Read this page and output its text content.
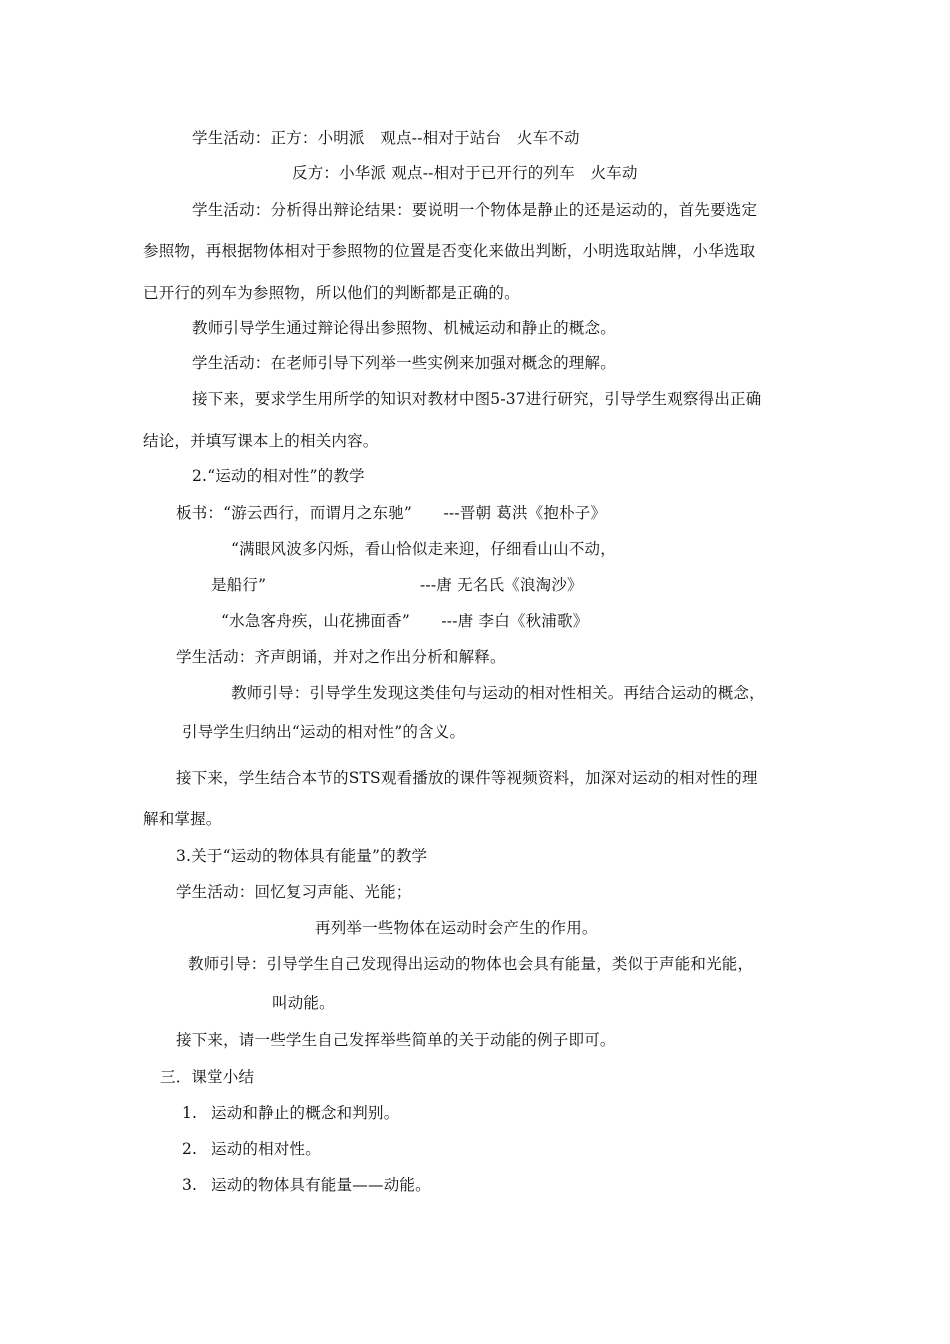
学生活动：正方：小明派　观点--相对于站台　火车不动
反方：小华派 观点--相对于已开行的列车　火车动
学生活动：分析得出辩论结果：要说明一个物体是静止的还是运动的，首先要选定
参照物，再根据物体相对于参照物的位置是否变化来做出判断，小明选取站牌，小华选取
已开行的列车为参照物，所以他们的判断都是正确的。
教师引导学生通过辩论得出参照物、机械运动和静止的概念。
学生活动：在老师引导下列举一些实例来加强对概念的理解。
接下来，要求学生用所学的知识对教材中图5-37进行研究，引导学生观察得出正确
结论，并填写课本上的相关内容。
2.“运动的相对性”的教学
板书：“游云西行，而谓月之东驰”　　---晋朝 葛洪《抱朴子》
“满眼风波多闪烁，看山恰似走来迎，仔细看山山不动，
是船行”	---唐 无名氏《浪淘沙》
“水急客舟疾，山花拂面香”　　---唐 李白《秋浦歌》
学生活动：齐声朗诵，并对之作出分析和解释。
教师引导：引导学生发现这类佳句与运动的相对性相关。再结合运动的概念，
引导学生归纳出“运动的相对性”的含义。
接下来，学生结合本节的STS观看播放的课件等视频资料，加深对运动的相对性的理
解和掌握。
3.关于“运动的物体具有能量”的教学
学生活动：回忆复习声能、光能；
再列举一些物体在运动时会产生的作用。
教师引导：引导学生自己发现得出运动的物体也会具有能量，类似于声能和光能，
叫动能。
接下来，请一些学生自己发挥举些简单的关于动能的例子即可。
三．课堂小结
1. 运动和静止的概念和判别。
2. 运动的相对性。
3. 运动的物体具有能量——动能。
